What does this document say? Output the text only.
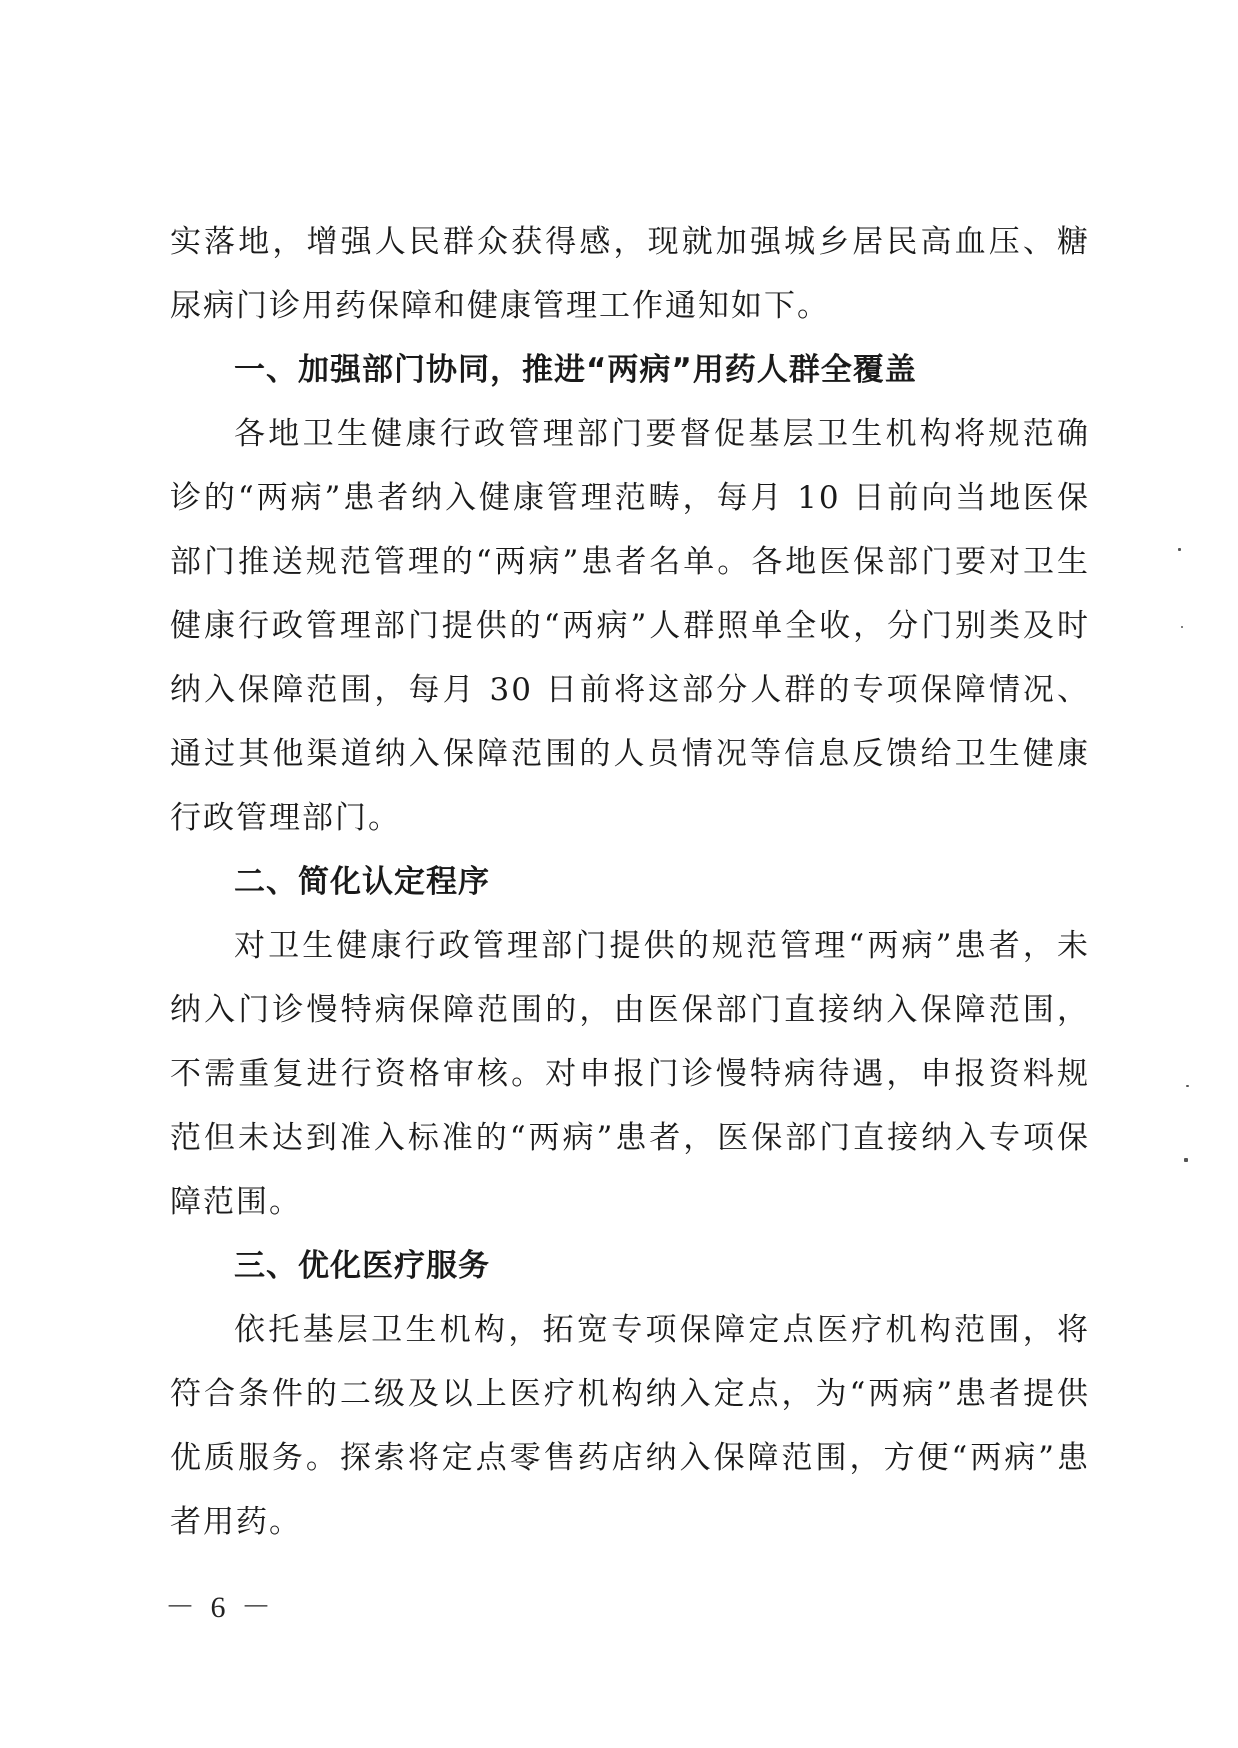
实落地，增强人民群众获得感，现就加强城乡居民高血压、糖尿病门诊用药保障和健康管理工作通知如下。

一、加强部门协同，推进“两病”用药人群全覆盖

各地卫生健康行政管理部门要督促基层卫生机构将规范确诊的“两病”患者纳入健康管理范畴，每月 10 日前向当地医保部门推送规范管理的“两病”患者名单。各地医保部门要对卫生健康行政管理部门提供的“两病”人群照单全收，分门别类及时纳入保障范围，每月 30 日前将这部分人群的专项保障情况、通过其他渠道纳入保障范围的人员情况等信息反馈给卫生健康行政管理部门。

二、简化认定程序

对卫生健康行政管理部门提供的规范管理“两病”患者，未纳入门诊慢特病保障范围的，由医保部门直接纳入保障范围，不需重复进行资格审核。对申报门诊慢特病待遇，申报资料规范但未达到准入标准的“两病”患者，医保部门直接纳入专项保障范围。

三、优化医疗服务

依托基层卫生机构，拓宽专项保障定点医疗机构范围，将符合条件的二级及以上医疗机构纳入定点，为“两病”患者提供优质服务。探索将定点零售药店纳入保障范围，方便“两病”患者用药。

－ 6 －
